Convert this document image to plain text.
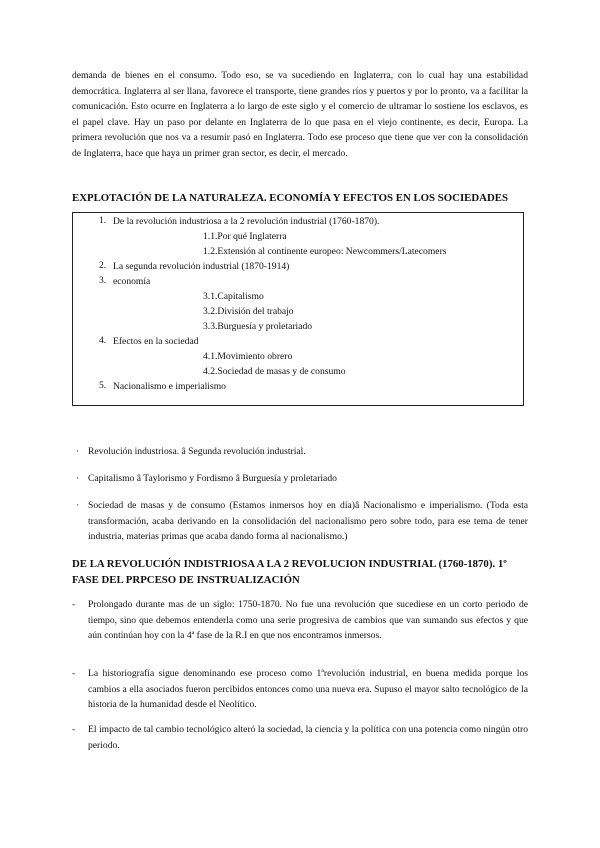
demanda de bienes en el consumo. Todo eso, se va sucediendo en Inglaterra, con lo cual hay una estabilidad democrática. Inglaterra al ser llana, favorece el transporte, tiene grandes ríos y puertos y por lo pronto, va a facilitar la comunicación. Esto ocurre en Inglaterra a lo largo de este siglo y el comercio de ultramar lo sostiene los esclavos, es el papel clave. Hay un paso por delante en Inglaterra de lo que pasa en el viejo continente, es decir, Europa. La primera revolución que nos va a resumir pasó en Inglaterra. Todo ese proceso que tiene que ver con la consolidación de Inglaterra, hace que haya un primer gran sector, es decir, el mercado.

EXPLOTACIÓN DE LA NATURALEZA. ECONOMÍA Y EFECTOS EN LOS SOCIEDADES

1. De la revolución industriosa a la 2 revolución industrial (1760-1870).
1.1.Por qué Inglaterra
1.2.Extensión al continente europeo: Newcommers/Latecomers
2. La segunda revolución industrial (1870-1914)
3. economía
3.1.Capitalismo
3.2.División del trabajo
3.3.Burguesía y proletariado
4. Efectos en la sociedad
4.1.Movimiento obrero
4.2.Sociedad de masas y de consumo
5. Nacionalismo e imperialismo
· Revolución industriosa. â Segunda revolución industrial.

· Capitalismo â Taylorismo y Fordismo â Burguesía y proletariado

· Sociedad de masas y de consumo (Estamos inmersos hoy en día)â Nacionalismo e imperialismo. (Toda esta transformación, acaba derivando en la consolidación del nacionalismo pero sobre todo, para ese tema de tener industria, materias primas que acaba dando forma al nacionalismo.)

DE LA REVOLUCIÓN INDISTRIOSA A LA 2 REVOLUCION INDUSTRIAL (1760-1870). 1º FASE DEL PRPCESO DE INSTRUALIZACIÓN

- Prolongado durante mas de un siglo: 1750-1870. No fue una revolución que sucediese en un corto periodo de tiempo, sino que debemos entenderla como una serie progresiva de cambios que van sumando sus efectos y que aún continúan hoy con la 4ª fase de la R.I en que nos encontramos inmersos.

- La historiografía sigue denominando ese proceso como 1ªrevolución industrial, en buena medida porque los cambios a ella asociados fueron percibidos entonces como una nueva era. Supuso el mayor salto tecnológico de la historia de la humanidad desde el Neolítico.

- El impacto de tal cambio tecnológico alteró la sociedad, la ciencia y la política con una potencia como ningún otro periodo.
